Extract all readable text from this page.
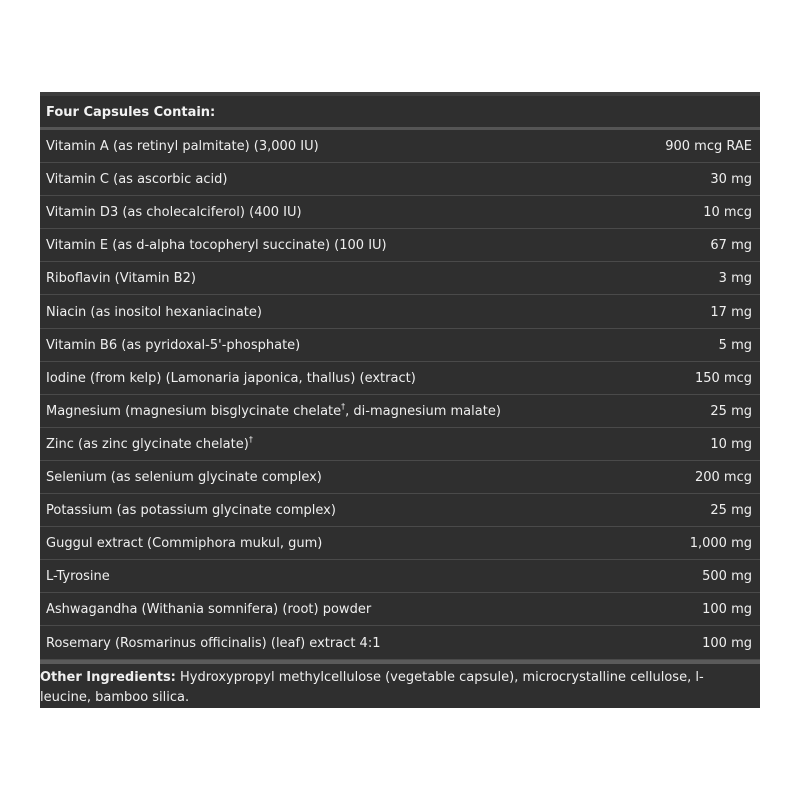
Four Capsules Contain:
Vitamin A (as retinyl palmitate) (3,000 IU)	900 mcg RAE
Vitamin C (as ascorbic acid)	30 mg
Vitamin D3 (as cholecalciferol) (400 IU)	10 mcg
Vitamin E (as d-alpha tocopheryl succinate) (100 IU)	67 mg
Riboflavin (Vitamin B2)	3 mg
Niacin (as inositol hexaniacinate)	17 mg
Vitamin B6 (as pyridoxal-5'-phosphate)	5 mg
Iodine (from kelp) (Lamonaria japonica, thallus) (extract)	150 mcg
Magnesium (magnesium bisglycinate chelate†, di-magnesium malate)	25 mg
Zinc (as zinc glycinate chelate)†	10 mg
Selenium (as selenium glycinate complex)	200 mcg
Potassium (as potassium glycinate complex)	25 mg
Guggul extract (Commiphora mukul, gum)	1,000 mg
L-Tyrosine	500 mg
Ashwagandha (Withania somnifera) (root) powder	100 mg
Rosemary (Rosmarinus officinalis) (leaf) extract 4:1	100 mg
Other Ingredients: Hydroxypropyl methylcellulose (vegetable capsule), microcrystalline cellulose, l-leucine, bamboo silica.
